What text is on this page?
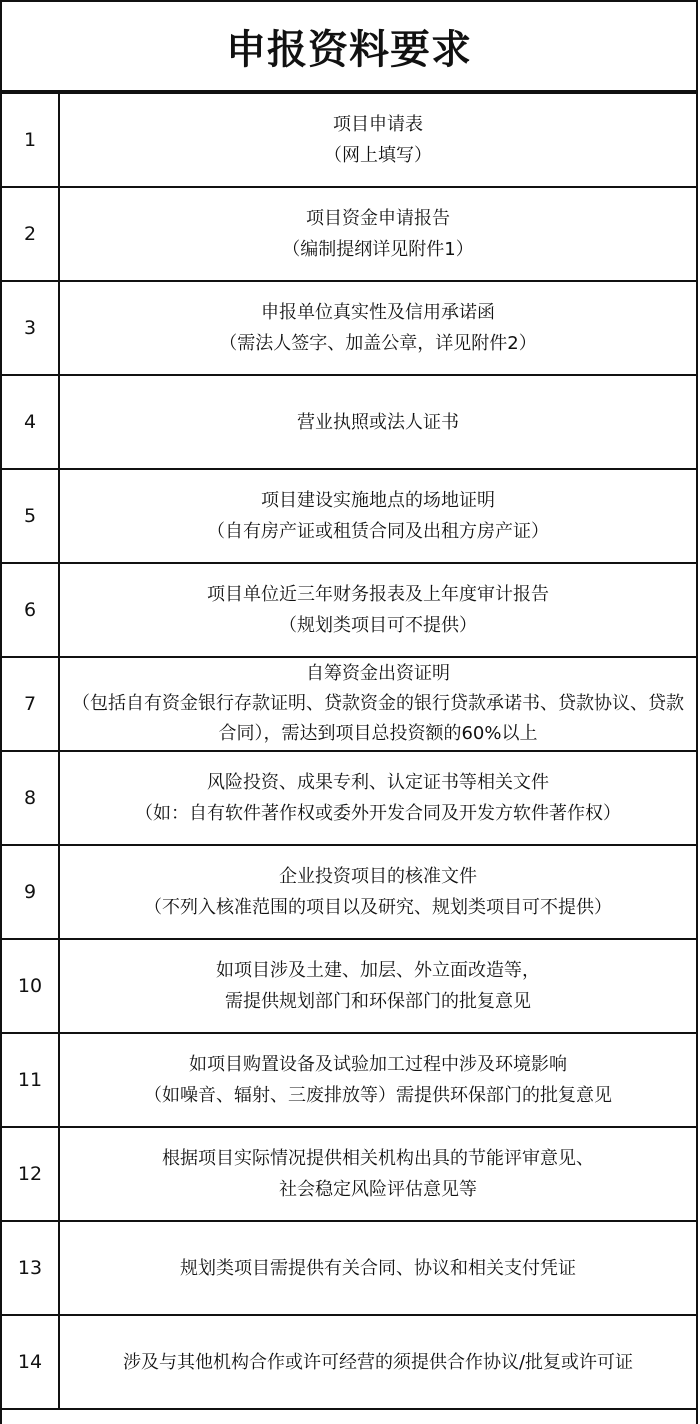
申报资料要求
1	项目申请表
（网上填写）

2	项目资金申请报告
（编制提纲详见附件1）

3	申报单位真实性及信用承诺函
（需法人签字、加盖公章，详见附件2）

4	营业执照或法人证书

5	项目建设实施地点的场地证明
（自有房产证或租赁合同及出租方房产证）

6	项目单位近三年财务报表及上年度审计报告
（规划类项目可不提供）

7	自筹资金出资证明
（包括自有资金银行存款证明、贷款资金的银行贷款承诺书、贷款协议、贷款合同），需达到项目总投资额的60%以上

8	风险投资、成果专利、认定证书等相关文件
（如：自有软件著作权或委外开发合同及开发方软件著作权）

9	企业投资项目的核准文件
（不列入核准范围的项目以及研究、规划类项目可不提供）

10	如项目涉及土建、加层、外立面改造等，
需提供规划部门和环保部门的批复意见

11	如项目购置设备及试验加工过程中涉及环境影响
（如噪音、辐射、三废排放等）需提供环保部门的批复意见

12	根据项目实际情况提供相关机构出具的节能评审意见、
社会稳定风险评估意见等

13	规划类项目需提供有关合同、协议和相关支付凭证

14	涉及与其他机构合作或许可经营的须提供合作协议/批复或许可证
